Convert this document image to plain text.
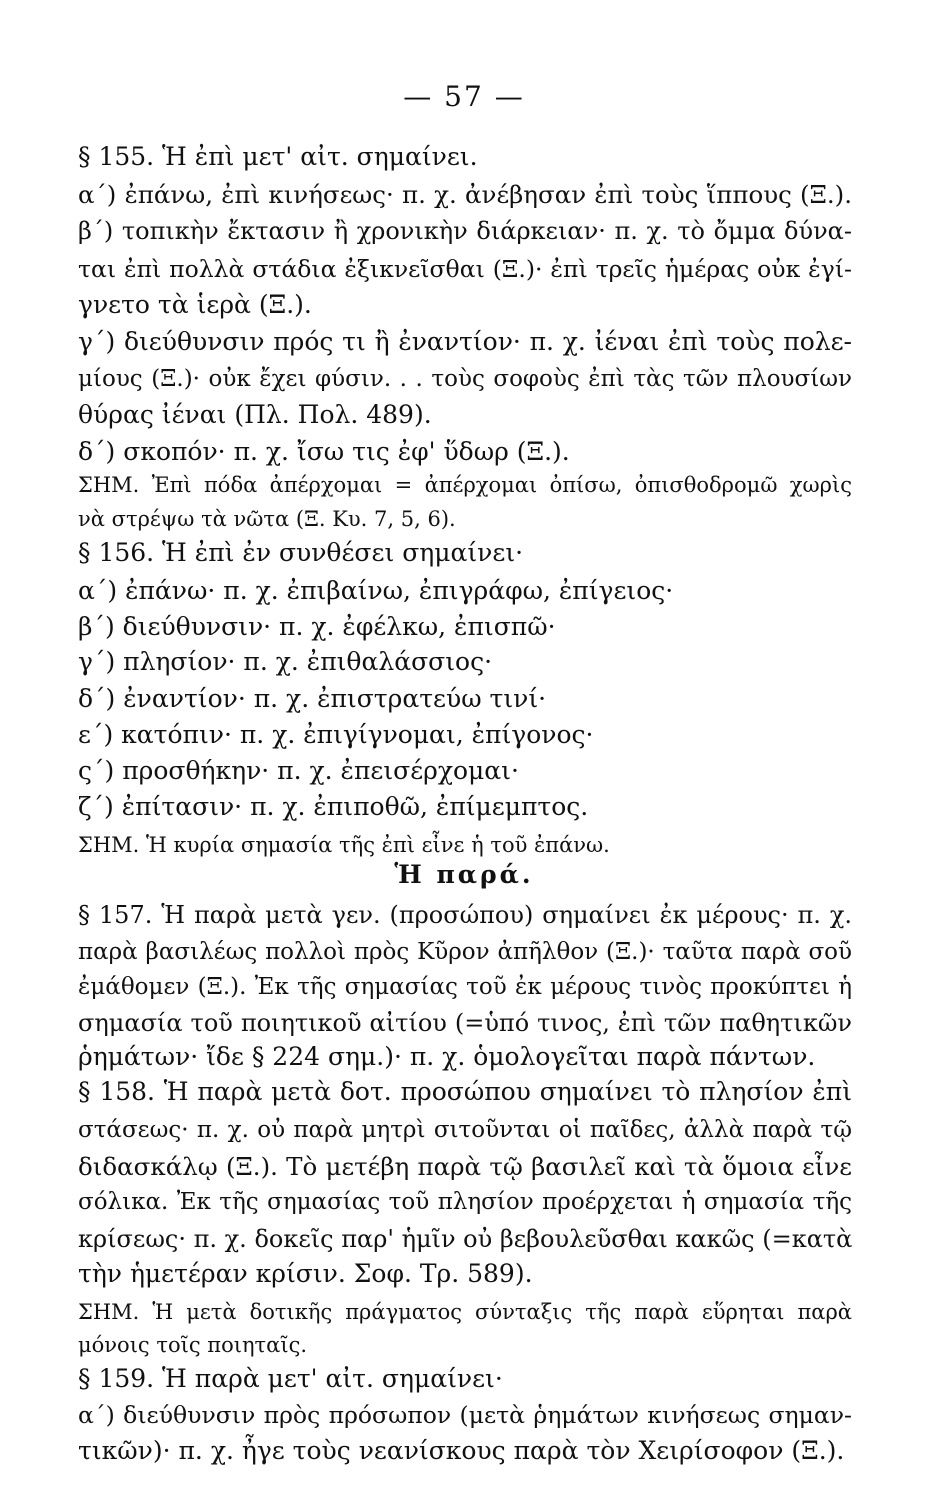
— 57 —
§ 155. Ἡ ἐπὶ μετ' αἰτ. σημαίνει.
α΄) ἐπάνω, ἐπὶ κινήσεως· π. χ. ἀνέβησαν ἐπὶ τοὺς ἵππους (Ξ.).
β΄) τοπικὴν ἔκτασιν ἢ χρονικὴν διάρκειαν· π. χ. τὸ ὄμμα δύνα-
ται ἐπὶ πολλὰ στάδια ἐξικνεῖσθαι (Ξ.)· ἐπὶ τρεῖς ἡμέρας οὐκ ἐγί-
γνετο τὰ ἱερὰ (Ξ.).
γ΄) διεύθυνσιν πρός τι ἢ ἐναντίον· π. χ. ἰέναι ἐπὶ τοὺς πολε-
μίους (Ξ.)· οὐκ ἔχει φύσιν. . . τοὺς σοφοὺς ἐπὶ τὰς τῶν πλουσίων
θύρας ἰέναι (Πλ. Πολ. 489).
δ΄) σκοπόν· π. χ. ἴσω τις ἐφ' ὕδωρ (Ξ.).
ΣΗΜ. Ἐπὶ πόδα ἀπέρχομαι = ἀπέρχομαι ὀπίσω, ὀπισθοδρομῶ χωρὶς
νὰ στρέψω τὰ νῶτα (Ξ. Κυ. 7, 5, 6).
§ 156. Ἡ ἐπὶ ἐν συνθέσει σημαίνει·
α΄) ἐπάνω· π. χ. ἐπιβαίνω, ἐπιγράφω, ἐπίγειος·
β΄) διεύθυνσιν· π. χ. ἐφέλκω, ἐπισπῶ·
γ΄) πλησίον· π. χ. ἐπιθαλάσσιος·
δ΄) ἐναντίον· π. χ. ἐπιστρατεύω τινί·
ε΄) κατόπιν· π. χ. ἐπιγίγνομαι, ἐπίγονος·
ς΄) προσθήκην· π. χ. ἐπεισέρχομαι·
ζ΄) ἐπίτασιν· π. χ. ἐπιποθῶ, ἐπίμεμπτος.
ΣΗΜ. Ἡ κυρία σημασία τῆς ἐπὶ εἶνε ἡ τοῦ ἐπάνω.
Ἡ παρά.
§ 157. Ἡ παρὰ μετὰ γεν. (προσώπου) σημαίνει ἐκ μέρους· π. χ.
παρὰ βασιλέως πολλοὶ πρὸς Κῦρον ἀπῆλθον (Ξ.)· ταῦτα παρὰ σοῦ
ἐμάθομεν (Ξ.). Ἐκ τῆς σημασίας τοῦ ἐκ μέρους τινὸς προκύπτει ἡ
σημασία τοῦ ποιητικοῦ αἰτίου (=ὑπό τινος, ἐπὶ τῶν παθητικῶν
ῥημάτων· ἴδε § 224 σημ.)· π. χ. ὁμολογεῖται παρὰ πάντων.
§ 158. Ἡ παρὰ μετὰ δοτ. προσώπου σημαίνει τὸ πλησίον ἐπὶ
στάσεως· π. χ. οὐ παρὰ μητρὶ σιτοῦνται οἱ παῖδες, ἀλλὰ παρὰ τῷ
διδασκάλῳ (Ξ.). Τὸ μετέβη παρὰ τῷ βασιλεῖ καὶ τὰ ὅμοια εἶνε
σόλικα. Ἐκ τῆς σημασίας τοῦ πλησίον προέρχεται ἡ σημασία τῆς
κρίσεως· π. χ. δοκεῖς παρ' ἡμῖν οὐ βεβουλεῦσθαι κακῶς (=κατὰ
τὴν ἡμετέραν κρίσιν. Σοφ. Τρ. 589).
ΣΗΜ. Ἡ μετὰ δοτικῆς πράγματος σύνταξις τῆς παρὰ εὕρηται παρὰ
μόνοις τοῖς ποιηταῖς.
§ 159. Ἡ παρὰ μετ' αἰτ. σημαίνει·
α΄) διεύθυνσιν πρὸς πρόσωπον (μετὰ ῥημάτων κινήσεως σημαν-
τικῶν)· π. χ. ἦγε τοὺς νεανίσκους παρὰ τὸν Χειρίσοφον (Ξ.).
